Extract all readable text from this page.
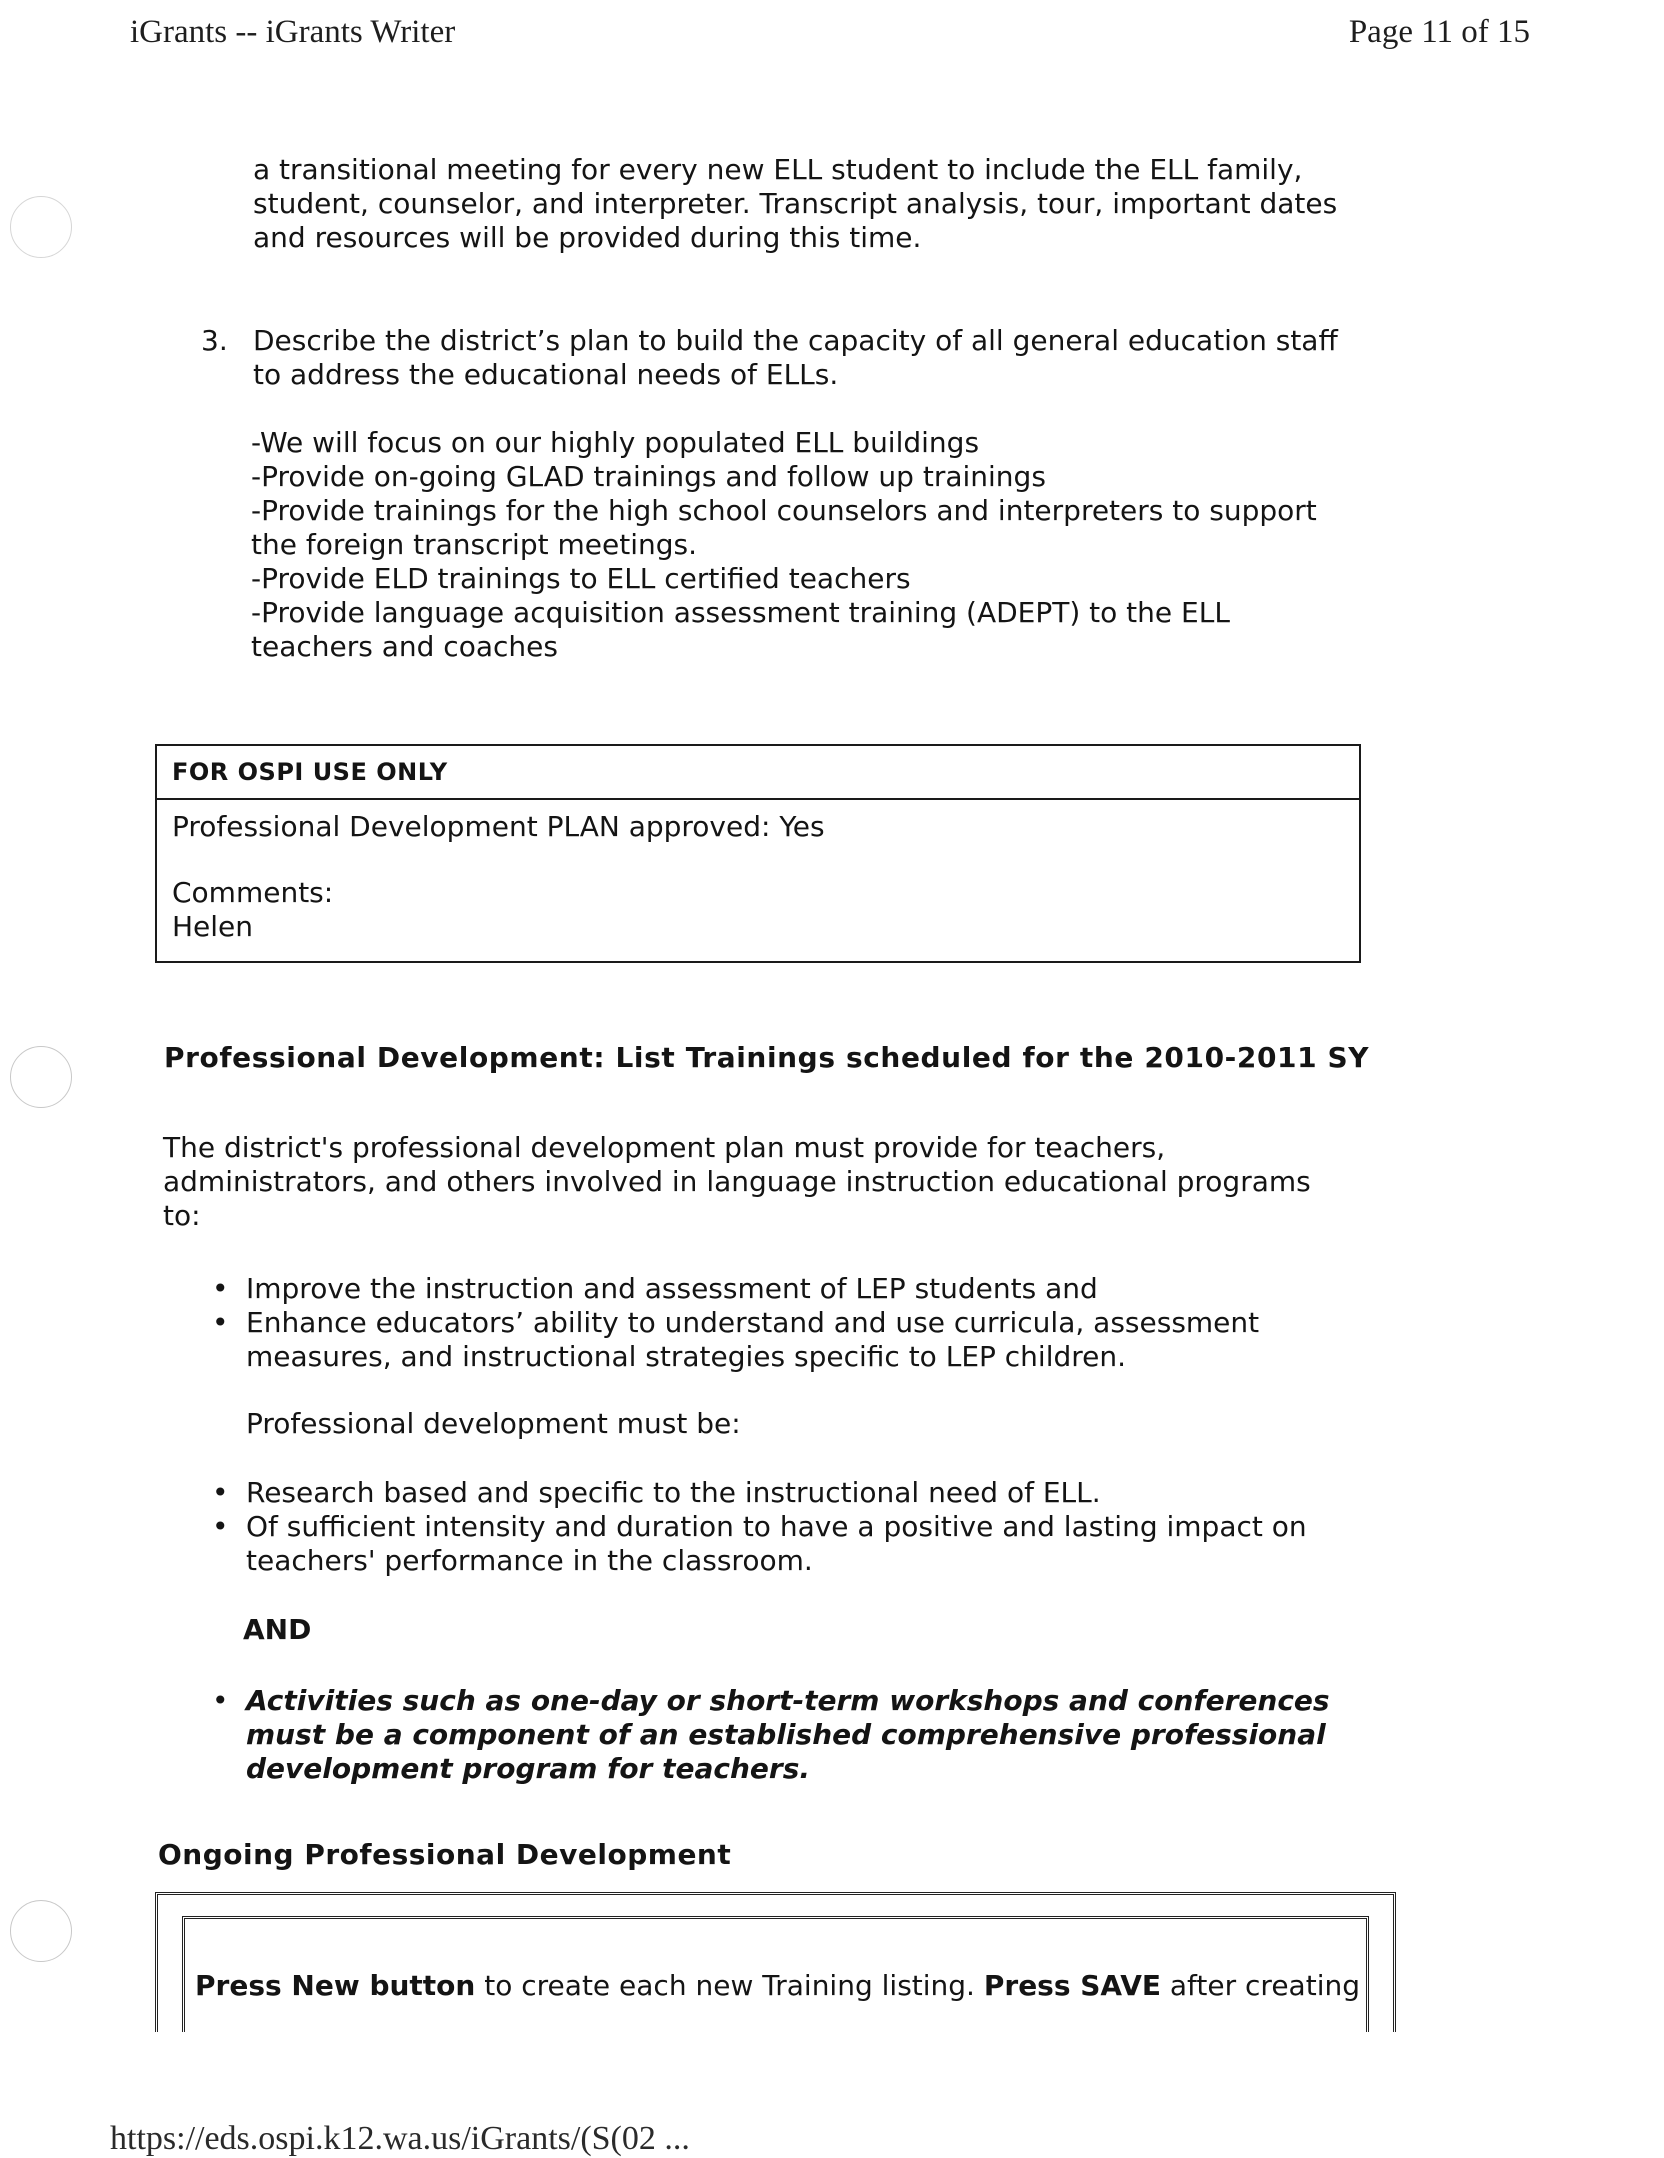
iGrants -- iGrants Writer	Page 11 of 15
a transitional meeting for every new ELL student to include the ELL family,
student, counselor, and interpreter. Transcript analysis, tour, important dates
and resources will be provided during this time.
3. Describe the district’s plan to build the capacity of all general education staff
to address the educational needs of ELLs.
-We will focus on our highly populated ELL buildings
-Provide on-going GLAD trainings and follow up trainings
-Provide trainings for the high school counselors and interpreters to support
the foreign transcript meetings.
-Provide ELD trainings to ELL certified teachers
-Provide language acquisition assessment training (ADEPT) to the ELL
teachers and coaches
FOR OSPI USE ONLY
Professional Development PLAN approved: Yes
Comments:
Helen
Professional Development: List Trainings scheduled for the 2010-2011 SY
The district's professional development plan must provide for teachers,
administrators, and others involved in language instruction educational programs
to:
• Improve the instruction and assessment of LEP students and
• Enhance educators’ ability to understand and use curricula, assessment
measures, and instructional strategies specific to LEP children.
Professional development must be:
• Research based and specific to the instructional need of ELL.
• Of sufficient intensity and duration to have a positive and lasting impact on
teachers' performance in the classroom.
AND
• Activities such as one-day or short-term workshops and conferences
must be a component of an established comprehensive professional
development program for teachers.
Ongoing Professional Development
Press New button to create each new Training listing. Press SAVE after creating
https://eds.ospi.k12.wa.us/iGrants/(S(02 ...
